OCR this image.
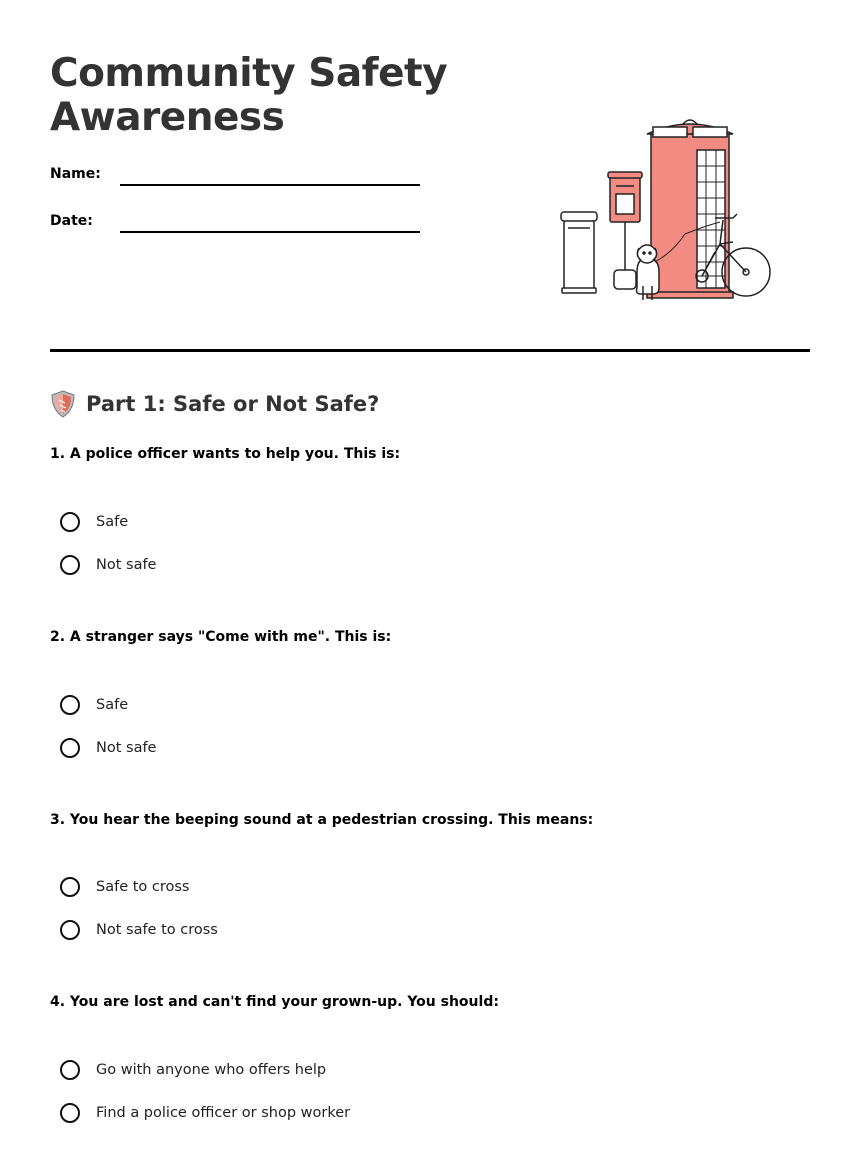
Community Safety
Awareness
Name:
Date:
Part 1: Safe or Not Safe?

1. A police officer wants to help you. This is:

Safe
Not safe

2. A stranger says "Come with me". This is:

Safe
Not safe

3. You hear the beeping sound at a pedestrian crossing. This means:

Safe to cross
Not safe to cross

4. You are lost and can't find your grown-up. You should:

Go with anyone who offers help
Find a police officer or shop worker
